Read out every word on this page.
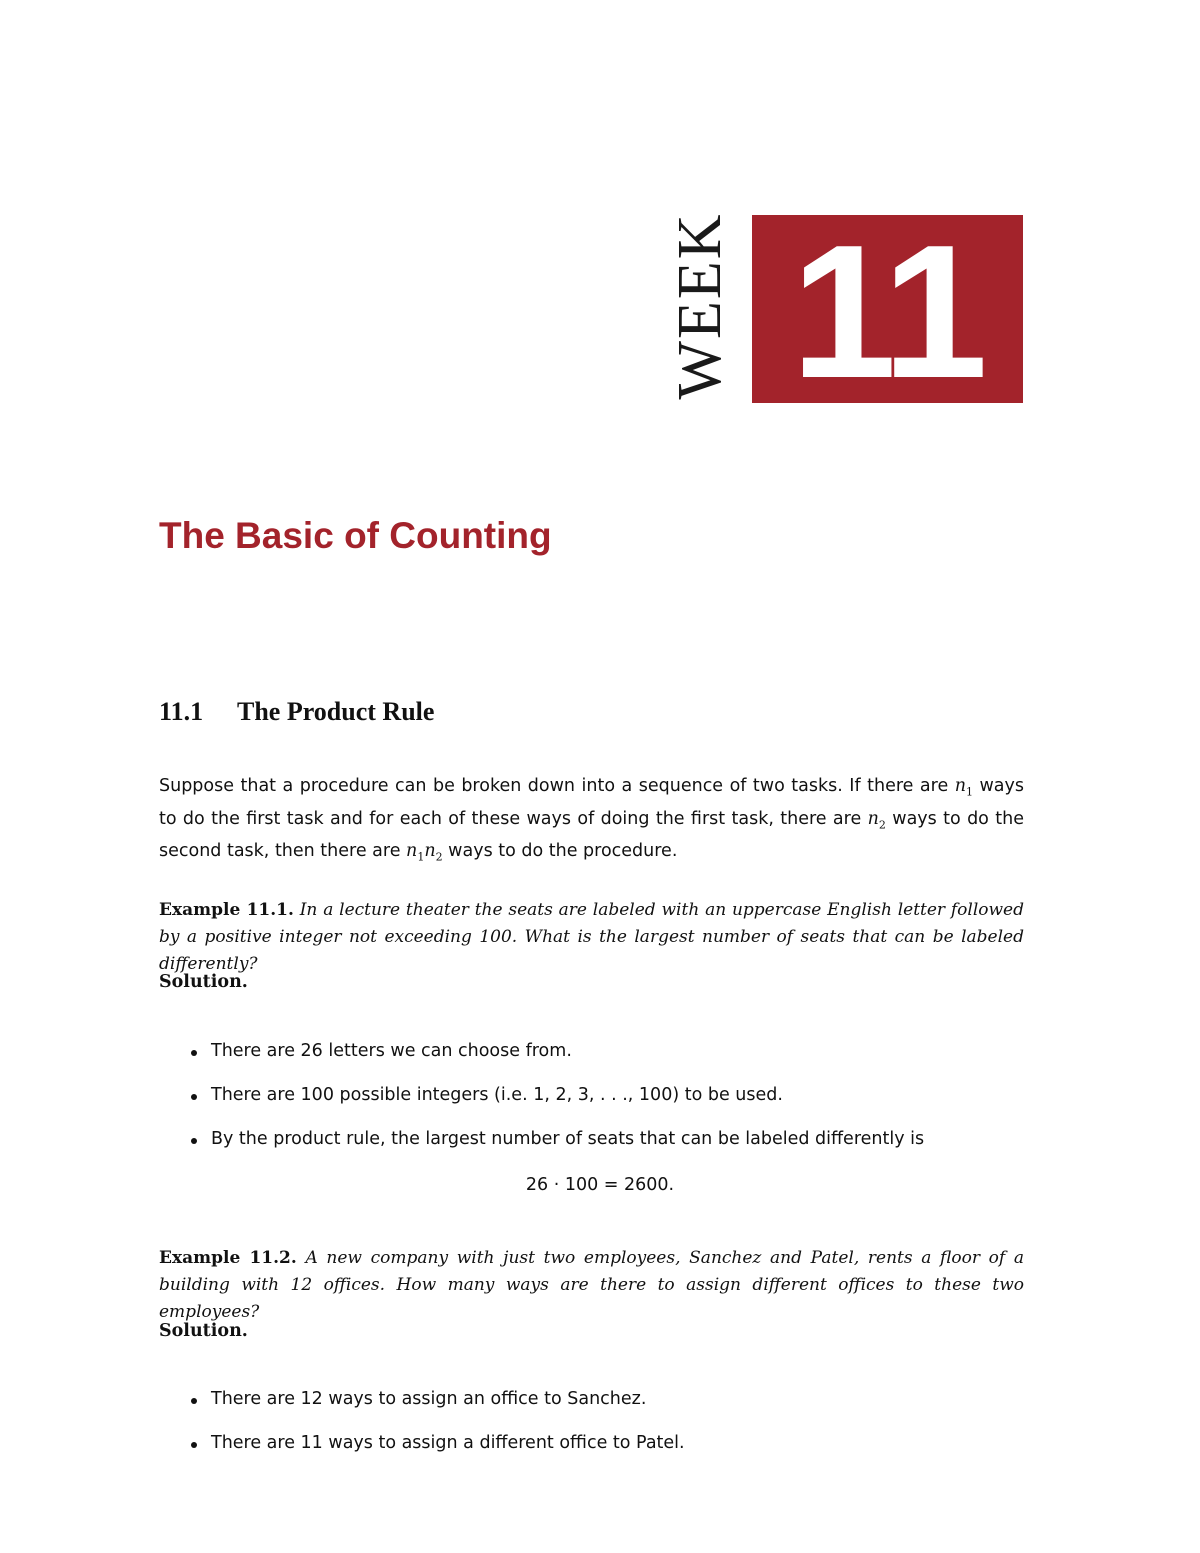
WEEK 11
The Basic of Counting
11.1 The Product Rule

Suppose that a procedure can be broken down into a sequence of two tasks. If there are $n_1$ ways to do the first task and for each of these ways of doing the first task, there are $n_2$ ways to do the second task, then there are $n_1n_2$ ways to do the procedure.

Example 11.1. In a lecture theater the seats are labeled with an uppercase English letter followed by a positive integer not exceeding 100. What is the largest number of seats that can be labeled differently?

Solution.

There are 26 letters we can choose from.
There are 100 possible integers (i.e. 1, 2, 3, . . ., 100) to be used.
By the product rule, the largest number of seats that can be labeled differently is

26 · 100 = 2600.

Example 11.2. A new company with just two employees, Sanchez and Patel, rents a floor of a building with 12 offices. How many ways are there to assign different offices to these two employees?

Solution.

There are 12 ways to assign an office to Sanchez.
There are 11 ways to assign a different office to Patel.
